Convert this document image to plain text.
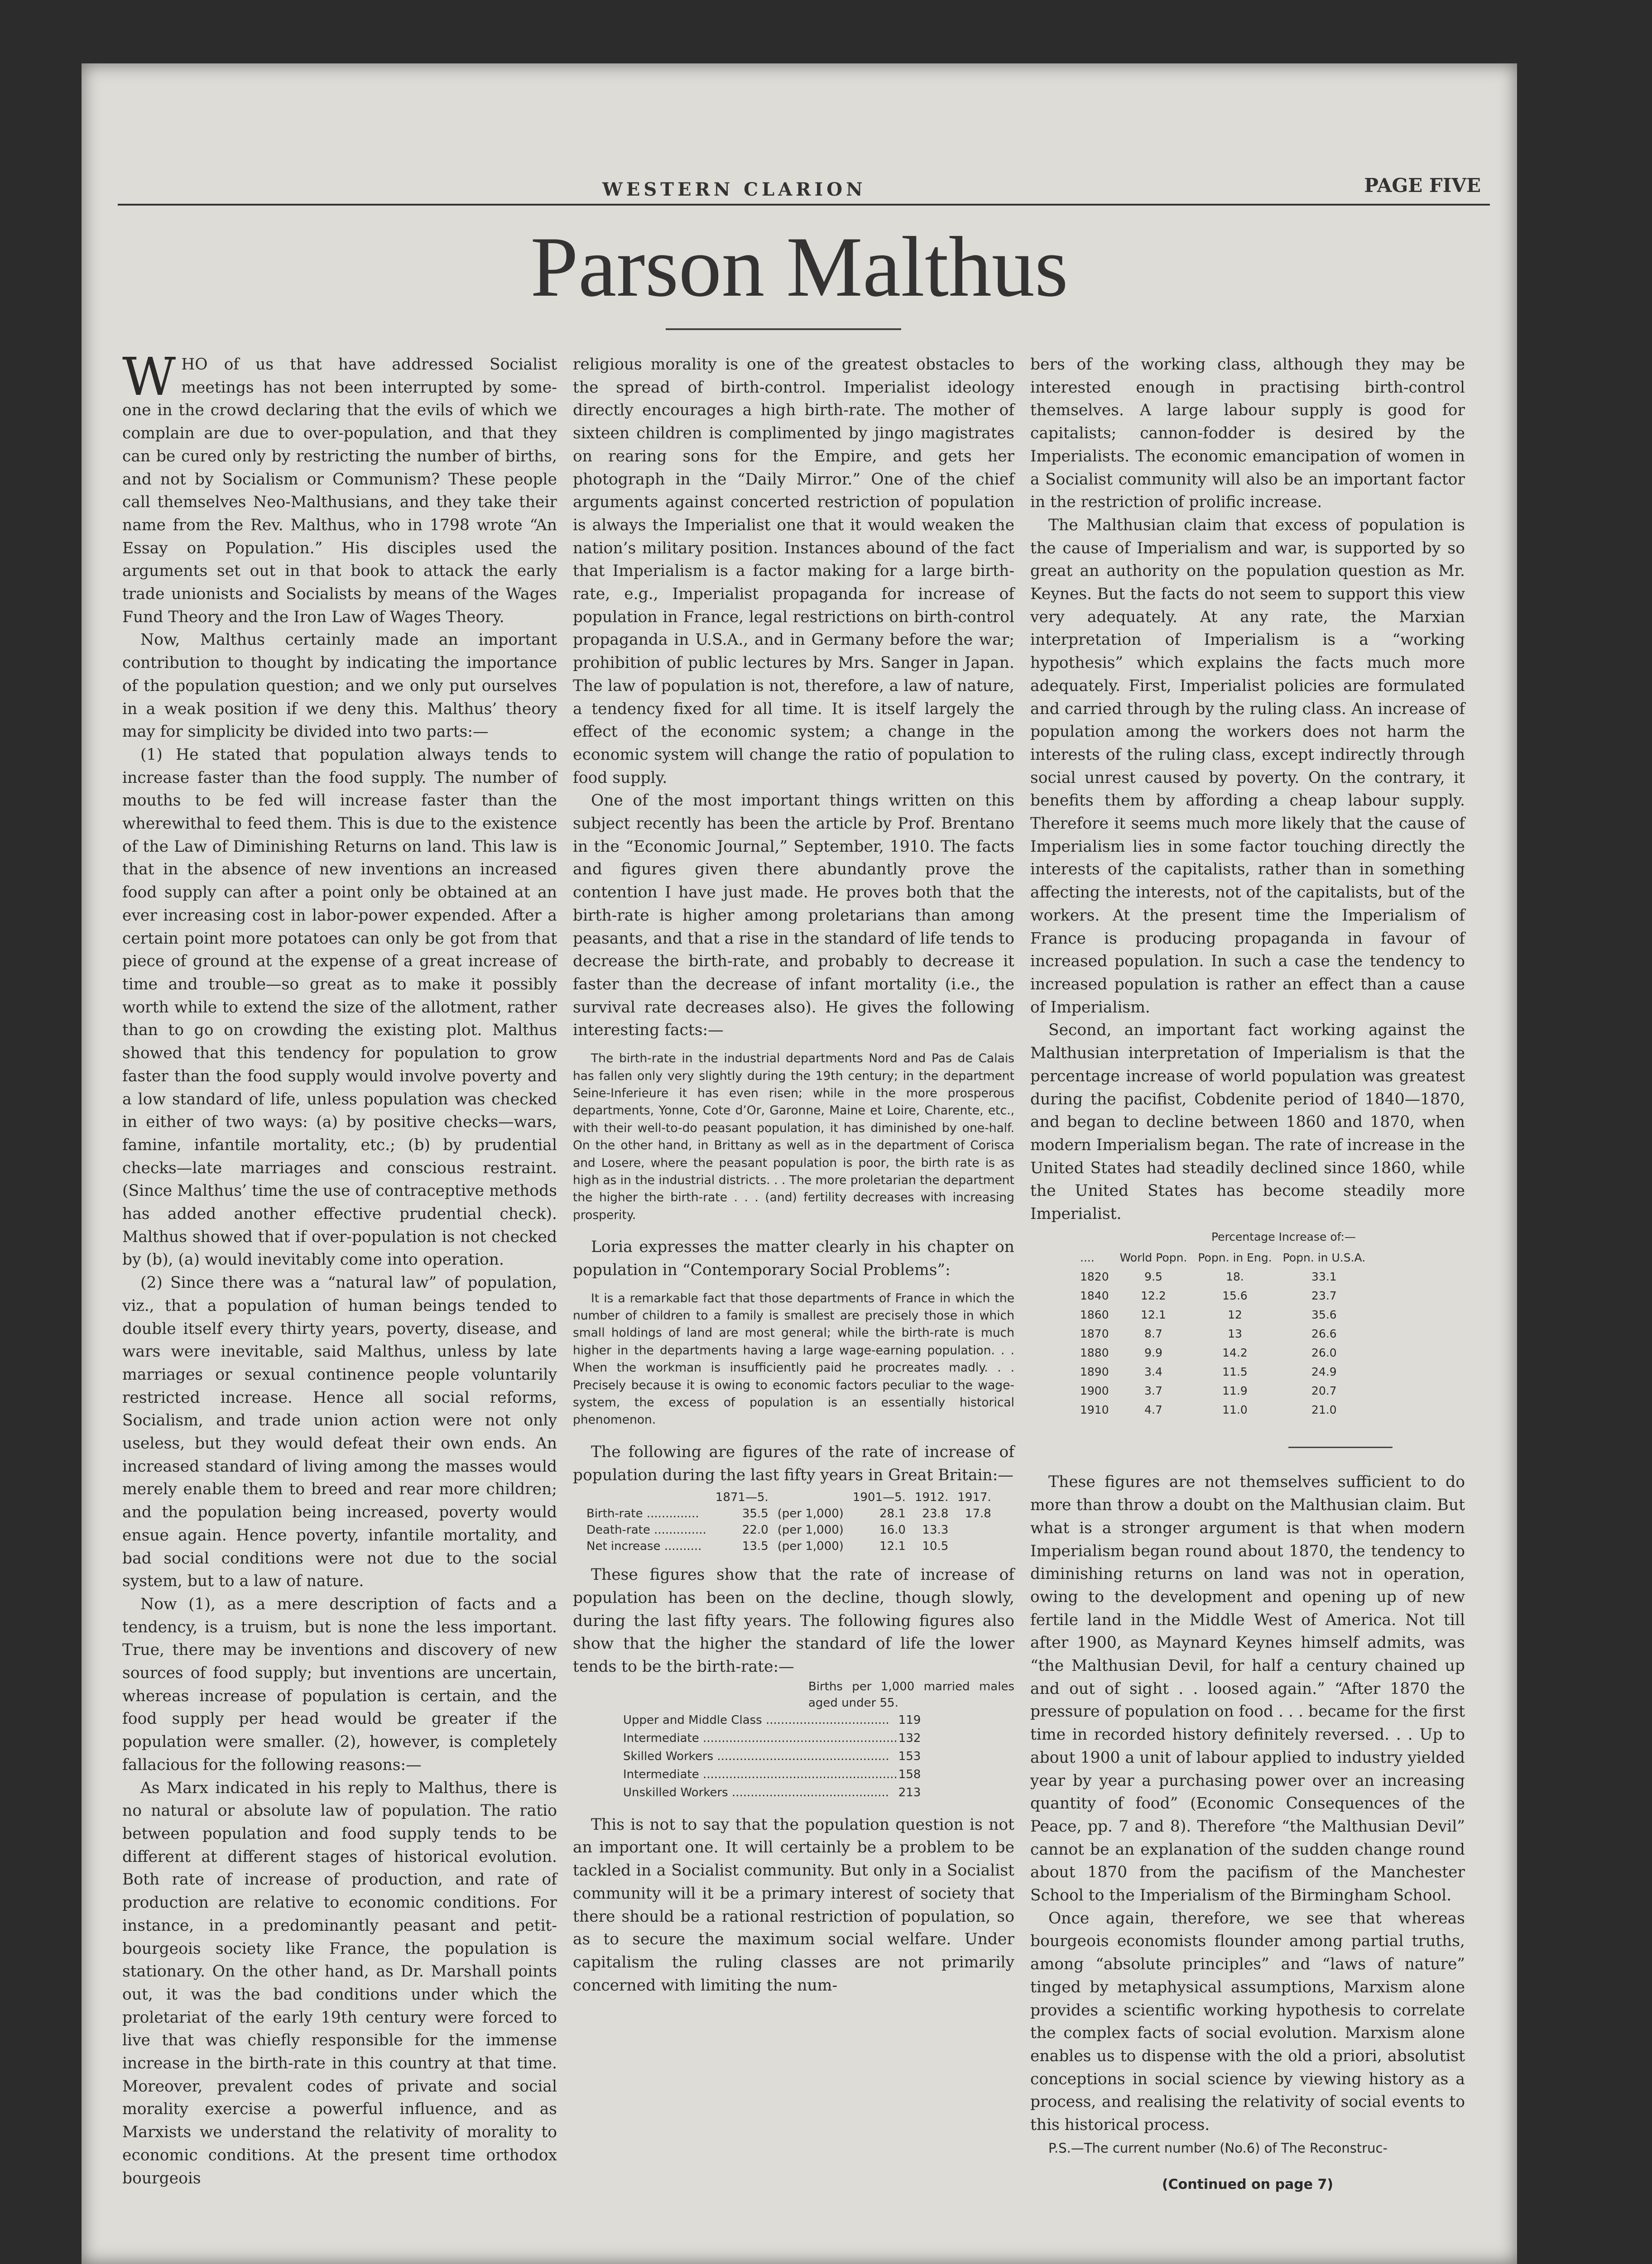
WESTERN CLARION	PAGE FIVE
Parson Malthus

WHO of us that have addressed Socialist meetings has not been interrupted by some-one in the crowd declaring that the evils of which we complain are due to over-population, and that they can be cured only by restricting the number of births, and not by Socialism or Communism? These people call themselves Neo-Malthusians, and they take their name from the Rev. Malthus, who in 1798 wrote “An Essay on Population.” His disciples used the arguments set out in that book to attack the early trade unionists and Socialists by means of the Wages Fund Theory and the Iron Law of Wages Theory.

Now, Malthus certainly made an important contribution to thought by indicating the importance of the population question; and we only put ourselves in a weak position if we deny this. Malthus’ theory may for simplicity be divided into two parts:—

(1) He stated that population always tends to increase faster than the food supply. The number of mouths to be fed will increase faster than the wherewithal to feed them. This is due to the existence of the Law of Diminishing Returns on land. This law is that in the absence of new inventions an increased food supply can after a point only be obtained at an ever increasing cost in labor-power expended. After a certain point more potatoes can only be got from that piece of ground at the expense of a great increase of time and trouble—so great as to make it possibly worth while to extend the size of the allotment, rather than to go on crowding the existing plot. Malthus showed that this tendency for population to grow faster than the food supply would involve poverty and a low standard of life, unless population was checked in either of two ways: (a) by positive checks—wars, famine, infantile mortality, etc.; (b) by prudential checks—late marriages and conscious restraint. (Since Malthus’ time the use of contraceptive methods has added another effective prudential check). Malthus showed that if over-population is not checked by (b), (a) would inevitably come into operation.

(2) Since there was a “natural law” of population, viz., that a population of human beings tended to double itself every thirty years, poverty, disease, and wars were inevitable, said Malthus, unless by late marriages or sexual continence people voluntarily restricted increase. Hence all social reforms, Socialism, and trade union action were not only useless, but they would defeat their own ends. An increased standard of living among the masses would merely enable them to breed and rear more children; and the population being increased, poverty would ensue again. Hence poverty, infantile mortality, and bad social conditions were not due to the social system, but to a law of nature.

Now (1), as a mere description of facts and a tendency, is a truism, but is none the less important. True, there may be inventions and discovery of new sources of food supply; but inventions are uncertain, whereas increase of population is certain, and the food supply per head would be greater if the population were smaller. (2), however, is completely fallacious for the following reasons:—

As Marx indicated in his reply to Malthus, there is no natural or absolute law of population. The ratio between population and food supply tends to be different at different stages of historical evolution. Both rate of increase of production, and rate of production are relative to economic conditions. For instance, in a predominantly peasant and petit-bourgeois society like France, the population is stationary. On the other hand, as Dr. Marshall points out, it was the bad conditions under which the proletariat of the early 19th century were forced to live that was chiefly responsible for the immense increase in the birth-rate in this country at that time. Moreover, prevalent codes of private and social morality exercise a powerful influence, and as Marxists we understand the relativity of morality to economic conditions. At the present time orthodox bourgeois

religious morality is one of the greatest obstacles to the spread of birth-control. Imperialist ideology directly encourages a high birth-rate. The mother of sixteen children is complimented by jingo magistrates on rearing sons for the Empire, and gets her photograph in the “Daily Mirror.” One of the chief arguments against concerted restriction of population is always the Imperialist one that it would weaken the nation’s military position. Instances abound of the fact that Imperialism is a factor making for a large birth-rate, e.g., Imperialist propaganda for increase of population in France, legal restrictions on birth-control propaganda in U.S.A., and in Germany before the war; prohibition of public lectures by Mrs. Sanger in Japan. The law of population is not, therefore, a law of nature, a tendency fixed for all time. It is itself largely the effect of the economic system; a change in the economic system will change the ratio of population to food supply.

One of the most important things written on this subject recently has been the article by Prof. Brentano in the “Economic Journal,” September, 1910. The facts and figures given there abundantly prove the contention I have just made. He proves both that the birth-rate is higher among proletarians than among peasants, and that a rise in the standard of life tends to decrease the birth-rate, and probably to decrease it faster than the decrease of infant mortality (i.e., the survival rate decreases also). He gives the following interesting facts:—

The birth-rate in the industrial departments Nord and Pas de Calais has fallen only very slightly during the 19th century; in the department Seine-Inferieure it has even risen; while in the more prosperous departments, Yonne, Cote d’Or, Garonne, Maine et Loire, Charente, etc., with their well-to-do peasant population, it has diminished by one-half. On the other hand, in Brittany as well as in the department of Corisca and Losere, where the peasant population is poor, the birth rate is as high as in the industrial districts. . . The more proletarian the department the higher the birth-rate . . . (and) fertility decreases with increasing prosperity.

Loria expresses the matter clearly in his chapter on population in “Contemporary Social Problems”:

It is a remarkable fact that those departments of France in which the number of children to a family is smallest are precisely those in which small holdings of land are most general; while the birth-rate is much higher in the departments having a large wage-earning population. . . When the workman is insufficiently paid he procreates madly. . . Precisely because it is owing to economic factors peculiar to the wage-system, the excess of population is an essentially historical phenomenon.

The following are figures of the rate of increase of population during the last fifty years in Great Britain:—

	1871—5.		1901—5.	1912.	1917.
Birth-rate ..............	35.5	(per 1,000)	28.1	23.8	17.8
Death-rate ..............	22.0	(per 1,000)	16.0	13.3	
Net increase ..........	13.5	(per 1,000)	12.1	10.5	

These figures show that the rate of increase of population has been on the decline, though slowly, during the last fifty years. The following figures also show that the higher the standard of life the lower tends to be the birth-rate:—

Births per 1,000 married males aged under 55.
Upper and Middle Class .................................	119
Intermediate ....................................................	132
Skilled Workers ..............................................	153
Intermediate ....................................................	158
Unskilled Workers ..........................................	213

This is not to say that the population question is not an important one. It will certainly be a problem to be tackled in a Socialist community. But only in a Socialist community will it be a primary interest of society that there should be a rational restriction of population, so as to secure the maximum social welfare. Under capitalism the ruling classes are not primarily concerned with limiting the num-

bers of the working class, although they may be interested enough in practising birth-control themselves. A large labour supply is good for capitalists; cannon-fodder is desired by the Imperialists. The economic emancipation of women in a Socialist community will also be an important factor in the restriction of prolific increase.

The Malthusian claim that excess of population is the cause of Imperialism and war, is supported by so great an authority on the population question as Mr. Keynes. But the facts do not seem to support this view very adequately. At any rate, the Marxian interpretation of Imperialism is a “working hypothesis” which explains the facts much more adequately. First, Imperialist policies are formulated and carried through by the ruling class. An increase of population among the workers does not harm the interests of the ruling class, except indirectly through social unrest caused by poverty. On the contrary, it benefits them by affording a cheap labour supply. Therefore it seems much more likely that the cause of Imperialism lies in some factor touching directly the interests of the capitalists, rather than in something affecting the interests, not of the capitalists, but of the workers. At the present time the Imperialism of France is producing propaganda in favour of increased population. In such a case the tendency to increased population is rather an effect than a cause of Imperialism.

Second, an important fact working against the Malthusian interpretation of Imperialism is that the percentage increase of world population was greatest during the pacifist, Cobdenite period of 1840—1870, and began to decline between 1860 and 1870, when modern Imperialism began. The rate of increase in the United States had steadily declined since 1860, while the United States has become steadily more Imperialist.

Percentage Increase of:—
....	World Popn.	Popn. in Eng.	Popn. in U.S.A.
1820	9.5	18.	33.1
1840	12.2	15.6	23.7
1860	12.1	12	35.6
1870	8.7	13	26.6
1880	9.9	14.2	26.0
1890	3.4	11.5	24.9
1900	3.7	11.9	20.7
1910	4.7	11.0	21.0

These figures are not themselves sufficient to do more than throw a doubt on the Malthusian claim. But what is a stronger argument is that when modern Imperialism began round about 1870, the tendency to diminishing returns on land was not in operation, owing to the development and opening up of new fertile land in the Middle West of America. Not till after 1900, as Maynard Keynes himself admits, was “the Malthusian Devil, for half a century chained up and out of sight . . loosed again.” “After 1870 the pressure of population on food . . . became for the first time in recorded history definitely reversed. . . Up to about 1900 a unit of labour applied to industry yielded year by year a purchasing power over an increasing quantity of food” (Economic Consequences of the Peace, pp. 7 and 8). Therefore “the Malthusian Devil” cannot be an explanation of the sudden change round about 1870 from the pacifism of the Manchester School to the Imperialism of the Birmingham School.

Once again, therefore, we see that whereas bourgeois economists flounder among partial truths, among “absolute principles” and “laws of nature” tinged by metaphysical assumptions, Marxism alone provides a scientific working hypothesis to correlate the complex facts of social evolution. Marxism alone enables us to dispense with the old a priori, absolutist conceptions in social science by viewing history as a process, and realising the relativity of social events to this historical process.

P.S.—The current number (No.6) of The Reconstruc-

(Continued on page 7)
